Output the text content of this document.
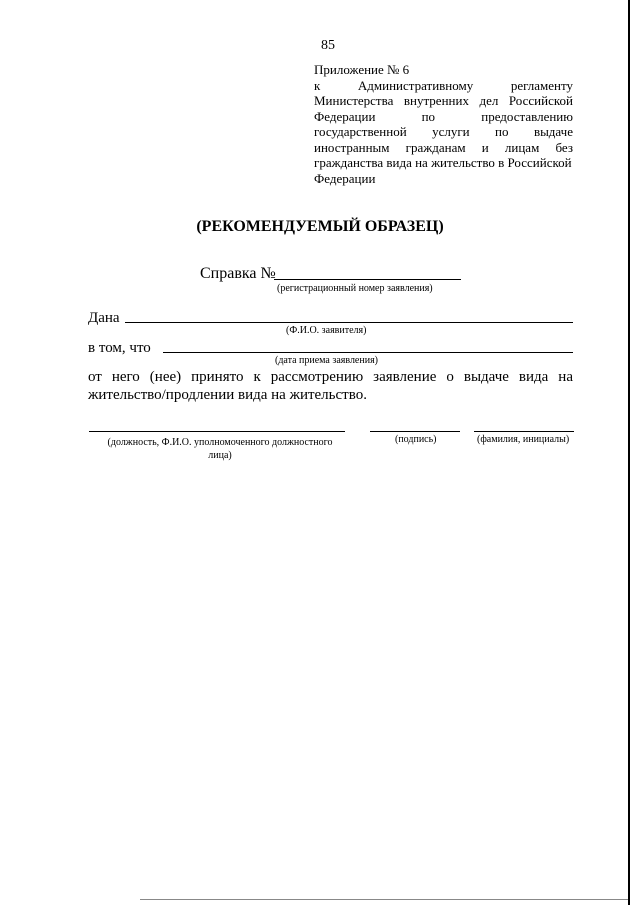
85
Приложение № 6
к	Административному	регламенту
Министерства внутренних дел Российской
Федерации	по	предоставлению
государственной услуги по выдаче
иностранным гражданам и лицам без
гражданства вида на жительство в Российской
Федерации
(РЕКОМЕНДУЕМЫЙ ОБРАЗЕЦ)
Справка №
(регистрационный номер заявления)
Дана
(Ф.И.О. заявителя)
в том, что
(дата приема заявления)
от него (нее) принято к рассмотрению заявление о выдаче вида на
жительство/продлении вида на жительство.
(должность, Ф.И.О. уполномоченного должностного
лица)
(подпись)	(фамилия, инициалы)
